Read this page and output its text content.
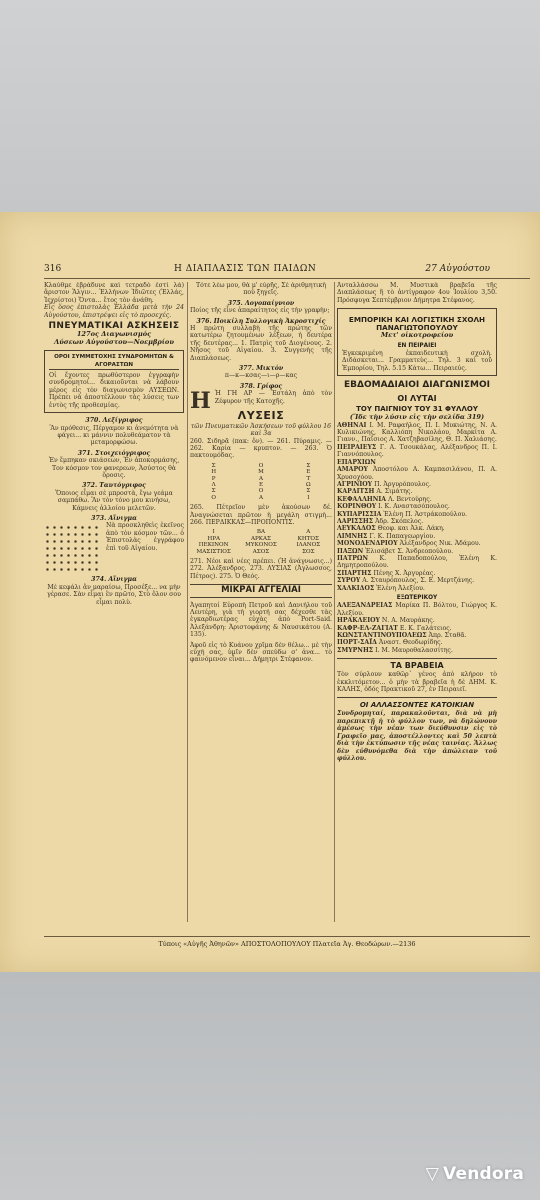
316	Η ΔΙΑΠΛΑΣΙΣ ΤΩΝ ΠΑΙΔΩΝ	27 Αὐγούστου
Κλαύθμε ἐβράδυνε καὶ τετραδὸ ἐστὶ λά) ἄριστον Ἄλγιν... Ἐλλήνων Ἰδιῶτες (Ἑλλάς, Ἰεχρίστοι) Ὄντα... ἔτος τὸν ἀνάθη.
Εἷς ὅσος ἐπιστολὰς Ἑλλάδα μετὰ τὴν 24 Αὐγούστου, ἐπιστρέψει εἰς τὸ προσεχές.
ΠΝΕΥΜΑΤΙΚΑΙ ΑΣΚΗΣΕΙΣ
127ος Διαγωνισμός
Λύσεων Αὐγούστου—Νοεμβρίου
ΟΡΟΙ ΣΥΜΜΕΤΟΧΗΣ ΣΥΝΔΡΟΜΗΤΩΝ & ΑΓΟΡΑΣΤΩΝ
Οἱ ἔχοντες πρωθύστερον ἐγγραφὴν συνδρομητοί... δικαιοῦνται νὰ λάβουν μέρος εἰς τὸν διαγωνισμὸν ΑΥΣΕΩΝ. Πρέπει νὰ ἀποστέλλουν τὰς λύσεις των ἐντὸς τῆς προθεσμίας.
370. Λεξίγριφος
Ἂν πρόθεσις, Πέργαμον κι ἀνεμότητα νὰ φάγει... κι μάννιν πολυθεάματον τὰ μεταμορφώσω.
371. Στοιχειόγριφος
Ἐν ἔμπηκαν σκιάσεων, Ἐν ἀποκορμάσης, Τον κόσμον τον φανερεων, Ἀσύστος θὰ ὄροσις.
372. Ταυτόγριφος
Ὅποιος εἶμαι σὲ μπροστὰ, ἔγω γεάμα σαμπάθω. Ἂν τὸν τόνο μου κινήσω, Κάμνεις ἀλλοίου μελετῶν.
373. Αἴνιγμα
Νὰ προσκληθεὶς ἐκεῖνος ἀπὸ τὸν κόσμον τῶν... ὁ Ἐπιστολὰς ἐγγράφου ἐπὶ τοῦ Αἰγαίου.
374. Αἴνιγμα
Μὲ κεφάλι ἄν μαραίσω, Προσέξε... να μὴν γέρασε. Σὰν εἶμαι ἓν πρῶτο, Στὸ ὅλον σου εἶμαι πολὺ.
Τότε λέω μου, θὰ μ' εὐρῆς, Σὲ ἀριθμητικὴ ποὺ ξηγεῖς.
375. Λογοπαίγνιον
Ποίος τῆς εἶνε ἀπαραίτητος εἰς τὴν γραφὴν;
376. Ποικίλη Συλλογικὴ Ἀκροστιχίς
Η πρώτη συλλαβὴ τῆς πρώτης τῶν κατωτέρω ζητουμένων λέξεων, ἡ δευτέρα τῆς δευτέρας... 1. Πατρὶς τοῦ Διογένους. 2. Νῆσος τοῦ Αἰγαίου. 3. Συγγενὴς τῆς Διαπλάσεως.
377. Μικτόν
π—κ—κσας—ι—ρ—κας
378. Γρίφος
H Ἡ ΓΗ ΑΡ — Ἐστάλη ἀπὸ τὸν Ζέφυρον τῆς Κατοχῆς.
ΛΥΣΕΙΣ
τῶν Πνευματικῶν Ἀσκήσεων τοῦ φύλλου 16 καὶ 3α
260. Σιδηρᾶ (πακ: ὅν). — 261. Πύραμις. — 262. Καρία — κρυπτον. — 263. Ὁ πακτουμόδας.
Σ	Ο	Σ
Η	Μ	Ε
Ρ	Α	Τ
Λ	Ε	Ω
Σ	Ο	Σ
Ο	Α	Ι
265. Πέτρεῖον μὲν ἀκούσων δέ. Ἀναγνώσεται πρῶτον ἡ μεγάλη στιγμὴ... 266. ΠΕΡΔΙΚΚΑΣ—ΠΡΟΠΟΝΤΙΣ.
Ι	ΒΑ	Α
ΗΡΑ	ΑΡΚΑΣ	ΚΗΤΟΣ
ΠΕΚΙΝΟΝ	ΜΥΚΟΝΟΣ	ΙΛΑΝΟΣ
ΜΑΣΙΣΤΙΟΣ	ΑΣΟΣ	ΣΟΣ
271. Νέοι καὶ νέες πρέπει. (Ἡ ἀνάγνωσις...) 272. Ἀλέξανδρος. 273. ΛΥΣΙΑΣ (Ἀγλωσσος, Πέτρος). 275. Ὁ Θεός.
ΜΙΚΡΑΙ ΑΓΓΕΛΙΑΙ
Ἀγαπητοί Εὐροπὴ Πετροῦ καὶ Δανιήλου τοῦ Λευτέρη, γιὰ τὴ γιορτή σας δέχεσθε τὰς ἐγκαρδιωτέρας εὐχὰς ἀπὸ Port-Said. Ἀλεξάνδρη: Ἀριστοφάνης & Ναυσικάτου (Α. 135).
Ἀφοῦ εἰς τὸ Κυάνου χρῖμα δὲν θέλω... μὲ τὴν εὐχή σας, ὑμῖν δὲν σπεύδω σ' ἀνα... τὸ φαινόμενον εἶναι... Δήμητρι Στέφανον.
Ἀνταλλάσσω Μ. Μυστικὰ βραβεῖα τῆς Διαπλάσεως ἢ τὸ ἀντίγραφον 4ου Ἰουλίου 3,50. Πρόσφυγα Σεπτέμβριον Δήμητρα Στέφανος.
ΕΜΠΟΡΙΚΗ ΚΑΙ ΛΟΓΙΣΤΙΚΗ ΣΧΟΛΗ
ΠΑΝΑΓΙΩΤΟΠΟΥΛΟΥ
Μετ' οἰκοτροφείου
ΕΝ ΠΕΙΡΑΙΕΙ
Ἐγκεκριμένη ἐκπαιδευτικὴ σχολὴ. Διδάσκεται... Γραμματεὺς... Τηλ. 3 καὶ τοῦ Ἐμπορίου, Τηλ. 5.15 Κάτω... Πειραιεύς.
ΕΒΔΟΜΑΔΙΑΙΟΙ ΔΙΑΓΩΝΙΣΜΟΙ
ΟΙ ΛΥΤΑΙ
ΤΟΥ ΠΑΙΓΝΙΟΥ ΤΟΥ 31 ΦΥΛΛΟΥ
(Ἴδε τὴν λύσιν εἰς τὴν σελίδα 319)
ΑΘΗΝΑΙ Ι. Μ. Ραφαήλος, Π. Ι. Μυκιώτης, Ν. Α. Κυλικιώνης, Καλλιόπη Νικολάου, Μαρκίτα Α. Γιανν., Παΐσιος Α. Χατζηβασίλης, Θ. Π. Χαλιάσης.
ΠΕΙΡΑΙΕΥΣ Γ. Α. Τσουκάλας, Αλέξανδρος Π. Ι. Γιαννόπουλος.
ΕΠΑΡΧΙΩΝ
ΑΜΑΡΟΥ Ἀποστόλου Α. Καμπασιλάνου, Π. Α. Χρυσοχόου.
ΑΓΡΙΝΙΟΥ Π. Ἀργυρόπουλος.
ΚΑΡΔΙΤΣΗ Α. Σιμάτης.
ΚΕΦΑΛΛΗΝΙΑ Λ. Βεντούρης.
ΚΟΡΙΝΘΟΥ Ι. Κ. Αναστασόπουλος.
ΚΥΠΑΡΙΣΣΙΑ Ἐλένη Π. Ἀστράκοπούλου.
ΛΑΡΙΣΣΗΣ Ἀδρ. Σκόπελος.
ΛΕΥΚΑΔΟΣ Θεοφ. και Ἀλκ. Λάκη.
ΛΙΜΝΗΣ Γ. Κ. Παπαγεωργίου.
ΜΟΝΟΔΕΝΔΡΙΟΥ Ἀλέξανδρος Νικ. Ἀδάμου.
ΠΑΞΩΝ Ἐλισάβετ Σ. Ἀνδρεοπούλου.
ΠΑΤΡΩΝ Κ. Παπαδοπούλου, Ἐλένη Κ. Δημητροπούλου.
ΣΠΑΡΤΗΣ Πένης Χ. Ἀργυρέας.
ΣΥΡΟΥ Α. Σταυρόπουλος, Σ. Ε. Μερτζάνης.
ΧΑΛΚΙΔΟΣ Ἑλένη Ἀλεξίου.
ΕΞΩΤΕΡΙΚΟΥ
ΑΛΕΞΑΝΔΡΕΙΑΣ Μαρίκα Π. Βόλτου, Γιώργος Κ. Ἀλεξίου.
ΗΡΑΚΛΕΙΟΥ Ν. Α. Μαυράκης.
ΚΑΦΡ-ΕΛ-ΖΑΓΙΑΤ Ε. Κ. Γαλάτειος.
ΚΩΝΣΤΑΝΤΙΝΟΥΠΟΛΕΩΣ Ἀπρ. Σταθᾶ.
ΠΟΡΤ-ΣΑΪΔ Ἀναστ. Θεοδωρίδης.
ΣΜΥΡΝΗΣ Ι. Μ. Μαυροθαλασσίτης.
ΤΑ ΒΡΑΒΕΙΑ
Τὸν σύρλουν καθῶρ᾽ γένος ἀπὸ κλήρον τὸ ἐκκλιτόμετον... ὁ μὴν τὰ βραβεῖα ἡ δὲ ΔΗΜ. Κ. ΚΑΛΗΣ, ὁδός Πρακτικοῦ 27, ἐν Πειραιεῖ.
ΟΙ ΑΛΛΑΣΣΟΝΤΕΣ ΚΑΤΟΙΚΙΑΝ
Συνδρομηταί, παρακαλοῦνται, διὰ νὰ μὴ παρεπικτῇ ἡ τὸ φύλλον των, νὰ δηλώνουν ἀμέσως τὴν νέαν των διεύθυνσιν εἰς τὸ Γραφεῖο μας, ἀποστέλλοντες καὶ 50 λεπτὰ διὰ τὴν ἐκτύπωσιν τῆς νέας ταινίας. Ἄλλως δὲν εὐθυνόμεθα διὰ τὴν ἀπώλειαν τοῦ φύλλου.
Τύποις «Αὐγῆς Ἀθηνῶν» ΑΠΟΣΤΟΛΟΠΟΥΛΟΥ Πλατεῖα Ἀγ. Θεοδώρων.—2136
▽ Vendora
